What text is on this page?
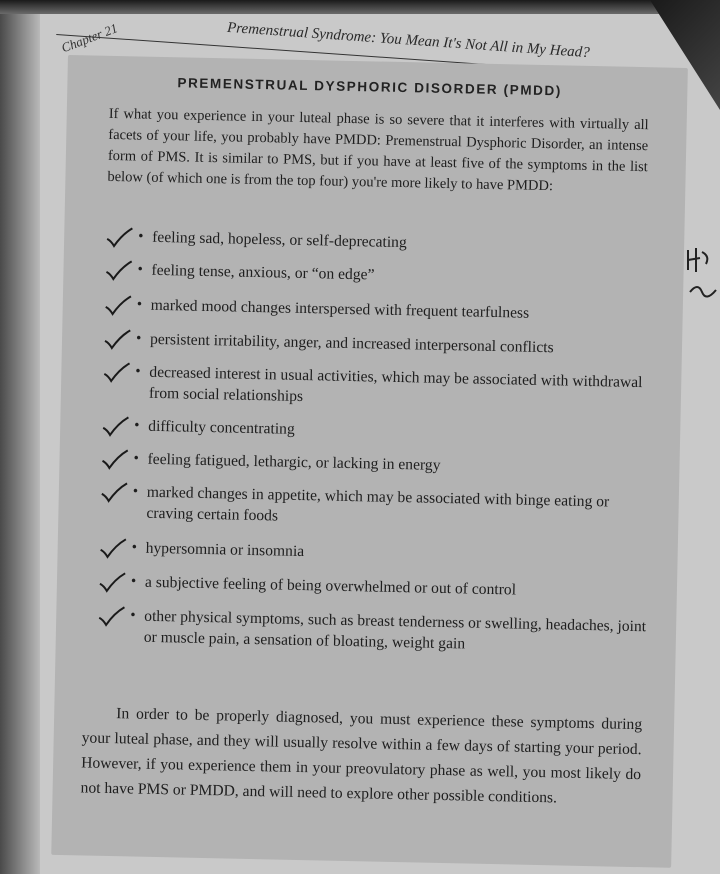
Chapter 21	Premenstrual Syndrome: You Mean It's Not All in My Head?
PREMENSTRUAL DYSPHORIC DISORDER (PMDD)
If what you experience in your luteal phase is so severe that it interferes with virtually all facets of your life, you probably have PMDD: Premenstrual Dysphoric Disorder, an intense form of PMS. It is similar to PMS, but if you have at least five of the symptoms in the list below (of which one is from the top four) you're more likely to have PMDD:
• feeling sad, hopeless, or self-deprecating
• feeling tense, anxious, or “on edge”
• marked mood changes interspersed with frequent tearfulness
• persistent irritability, anger, and increased interpersonal conflicts
• decreased interest in usual activities, which may be associated with withdrawal from social relationships
• difficulty concentrating
• feeling fatigued, lethargic, or lacking in energy
• marked changes in appetite, which may be associated with binge eating or craving certain foods
• hypersomnia or insomnia
• a subjective feeling of being overwhelmed or out of control
• other physical symptoms, such as breast tenderness or swelling, headaches, joint or muscle pain, a sensation of bloating, weight gain
In order to be properly diagnosed, you must experience these symptoms during your luteal phase, and they will usually resolve within a few days of starting your period. However, if you experience them in your preovulatory phase as well, you most likely do not have PMS or PMDD, and will need to explore other possible conditions.
